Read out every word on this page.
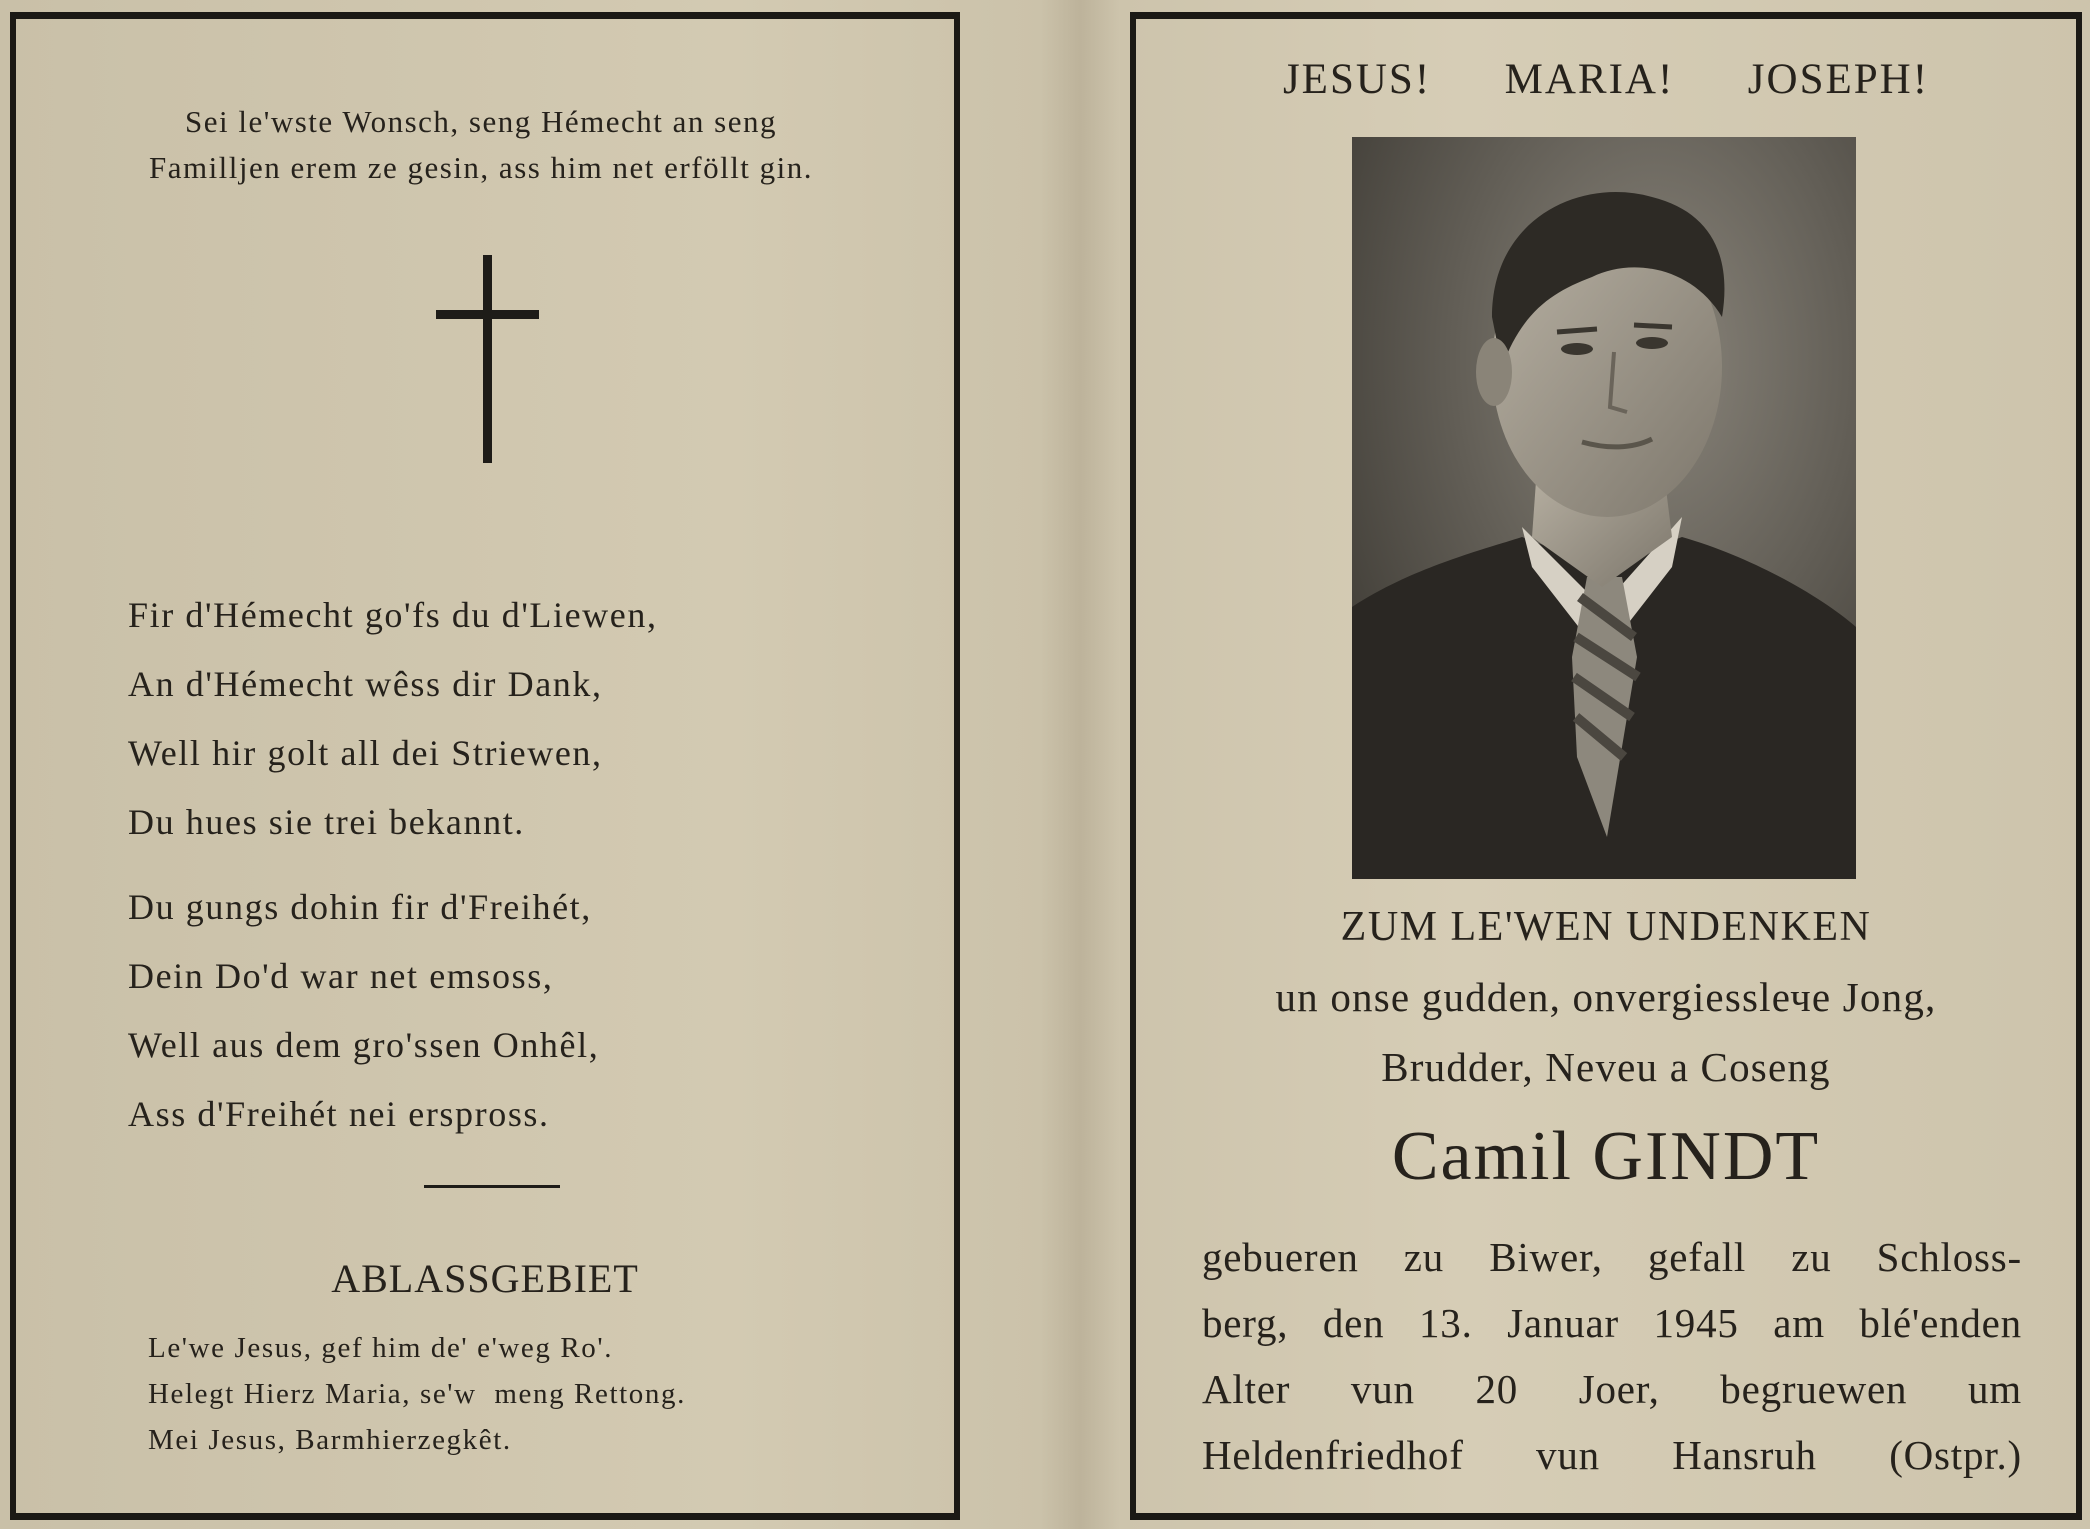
Sei le'wste Wonsch, seng Hémecht an seng
Familljen erem ze gesin, ass him net erföllt gin.
Fir d'Hémecht go'fs du d'Liewen,
An d'Hémecht wêss dir Dank,
Well hir golt all dei Striewen,
Du hues sie trei bekannt.
Du gungs dohin fir d'Freihét,
Dein Do'd war net emsoss,
Well aus dem gro'ssen Onhêl,
Ass d'Freihét nei erspross.
ABLASSGEBIET
Le'we Jesus, gef him de' e'weg Ro'.
Helegt Hierz Maria, se'w  meng Rettong.
Mei Jesus, Barmhierzegkêt.
JESUS!  MARIA!  JOSEPH!
ZUM LE'WEN UNDENKEN
un onse gudden, onvergiesslече Jong,
Brudder, Neveu a Coseng
Camil GINDT
gebueren zu Biwer, gefall zu Schloss-
berg, den 13. Januar 1945 am blé'enden
Alter vun 20 Joer, begruewen um
Heldenfriedhof vun Hansruh (Ostpr.)
